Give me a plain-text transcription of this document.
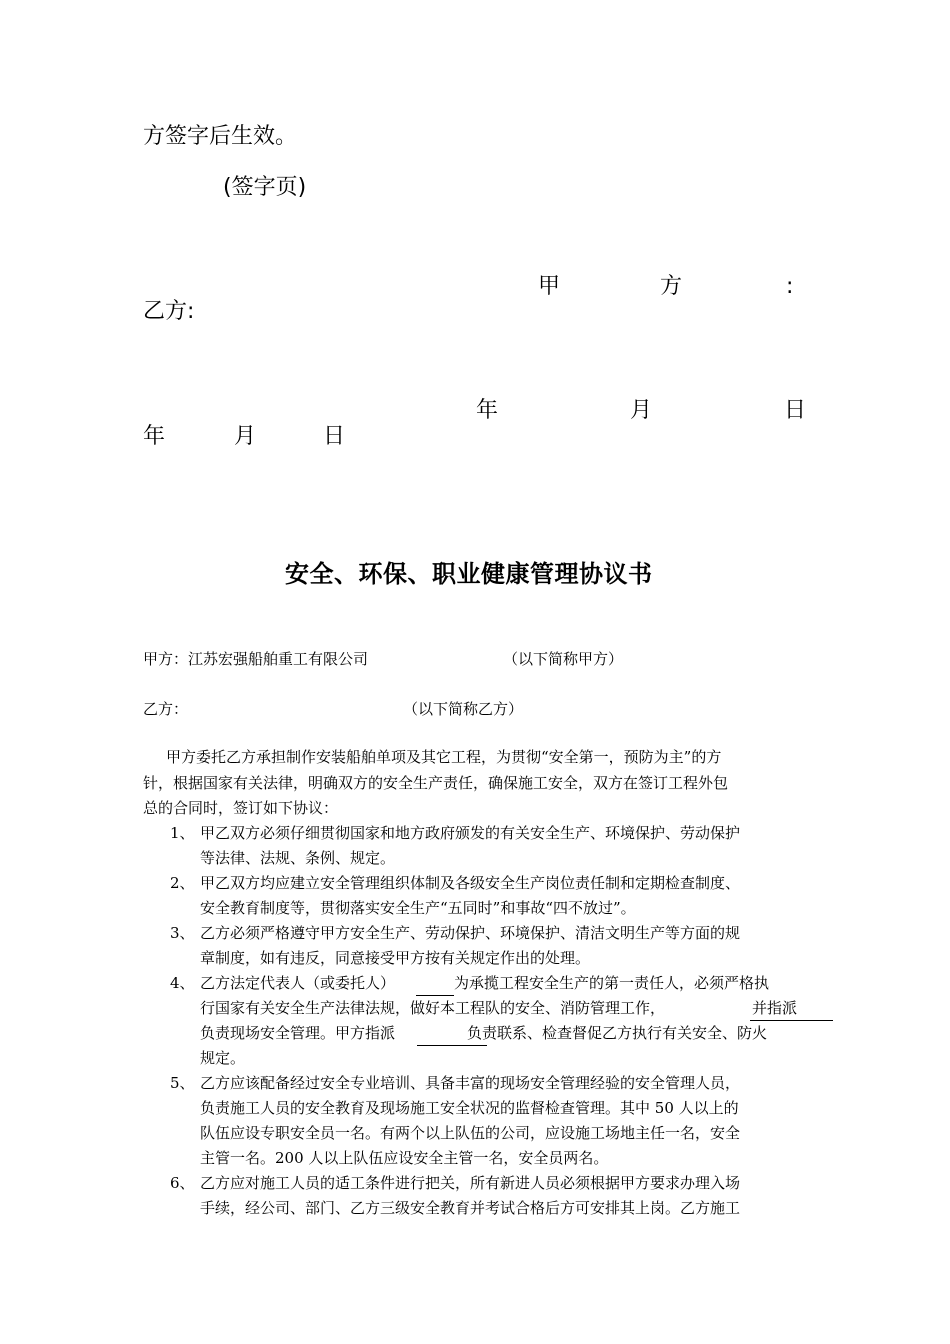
方签字后生效。
(签字页)
甲	方	:
乙方:
年	月	日
年	月	日
安全、环保、职业健康管理协议书
甲方：江苏宏强船舶重工有限公司	（以下简称甲方）
乙方：	（以下简称乙方）
甲方委托乙方承担制作安装船舶单项及其它工程，为贯彻“安全第一，预防为主”的方
针，根据国家有关法律，明确双方的安全生产责任，确保施工安全，双方在签订工程外包
总的合同时，签订如下协议：
1、 甲乙双方必须仔细贯彻国家和地方政府颁发的有关安全生产、环境保护、劳动保护
等法律、法规、条例、规定。
2、 甲乙双方均应建立安全管理组织体制及各级安全生产岗位责任制和定期检查制度、
安全教育制度等，贯彻落实安全生产“五同时”和事故“四不放过”。
3、 乙方必须严格遵守甲方安全生产、劳动保护、环境保护、清洁文明生产等方面的规
章制度，如有违反，同意接受甲方按有关规定作出的处理。
4、 乙方法定代表人（或委托人）	为承揽工程安全生产的第一责任人，必须严格执
行国家有关安全生产法律法规，做好本工程队的安全、消防管理工作，	并指派
负责现场安全管理。甲方指派	负责联系、检查督促乙方执行有关安全、防火
规定。
5、 乙方应该配备经过安全专业培训、具备丰富的现场安全管理经验的安全管理人员，
负责施工人员的安全教育及现场施工安全状况的监督检查管理。其中 50 人以上的
队伍应设专职安全员一名。有两个以上队伍的公司，应设施工场地主任一名，安全
主管一名。200 人以上队伍应设安全主管一名，安全员两名。
6、 乙方应对施工人员的适工条件进行把关，所有新进人员必须根据甲方要求办理入场
手续，经公司、部门、乙方三级安全教育并考试合格后方可安排其上岗。乙方施工
